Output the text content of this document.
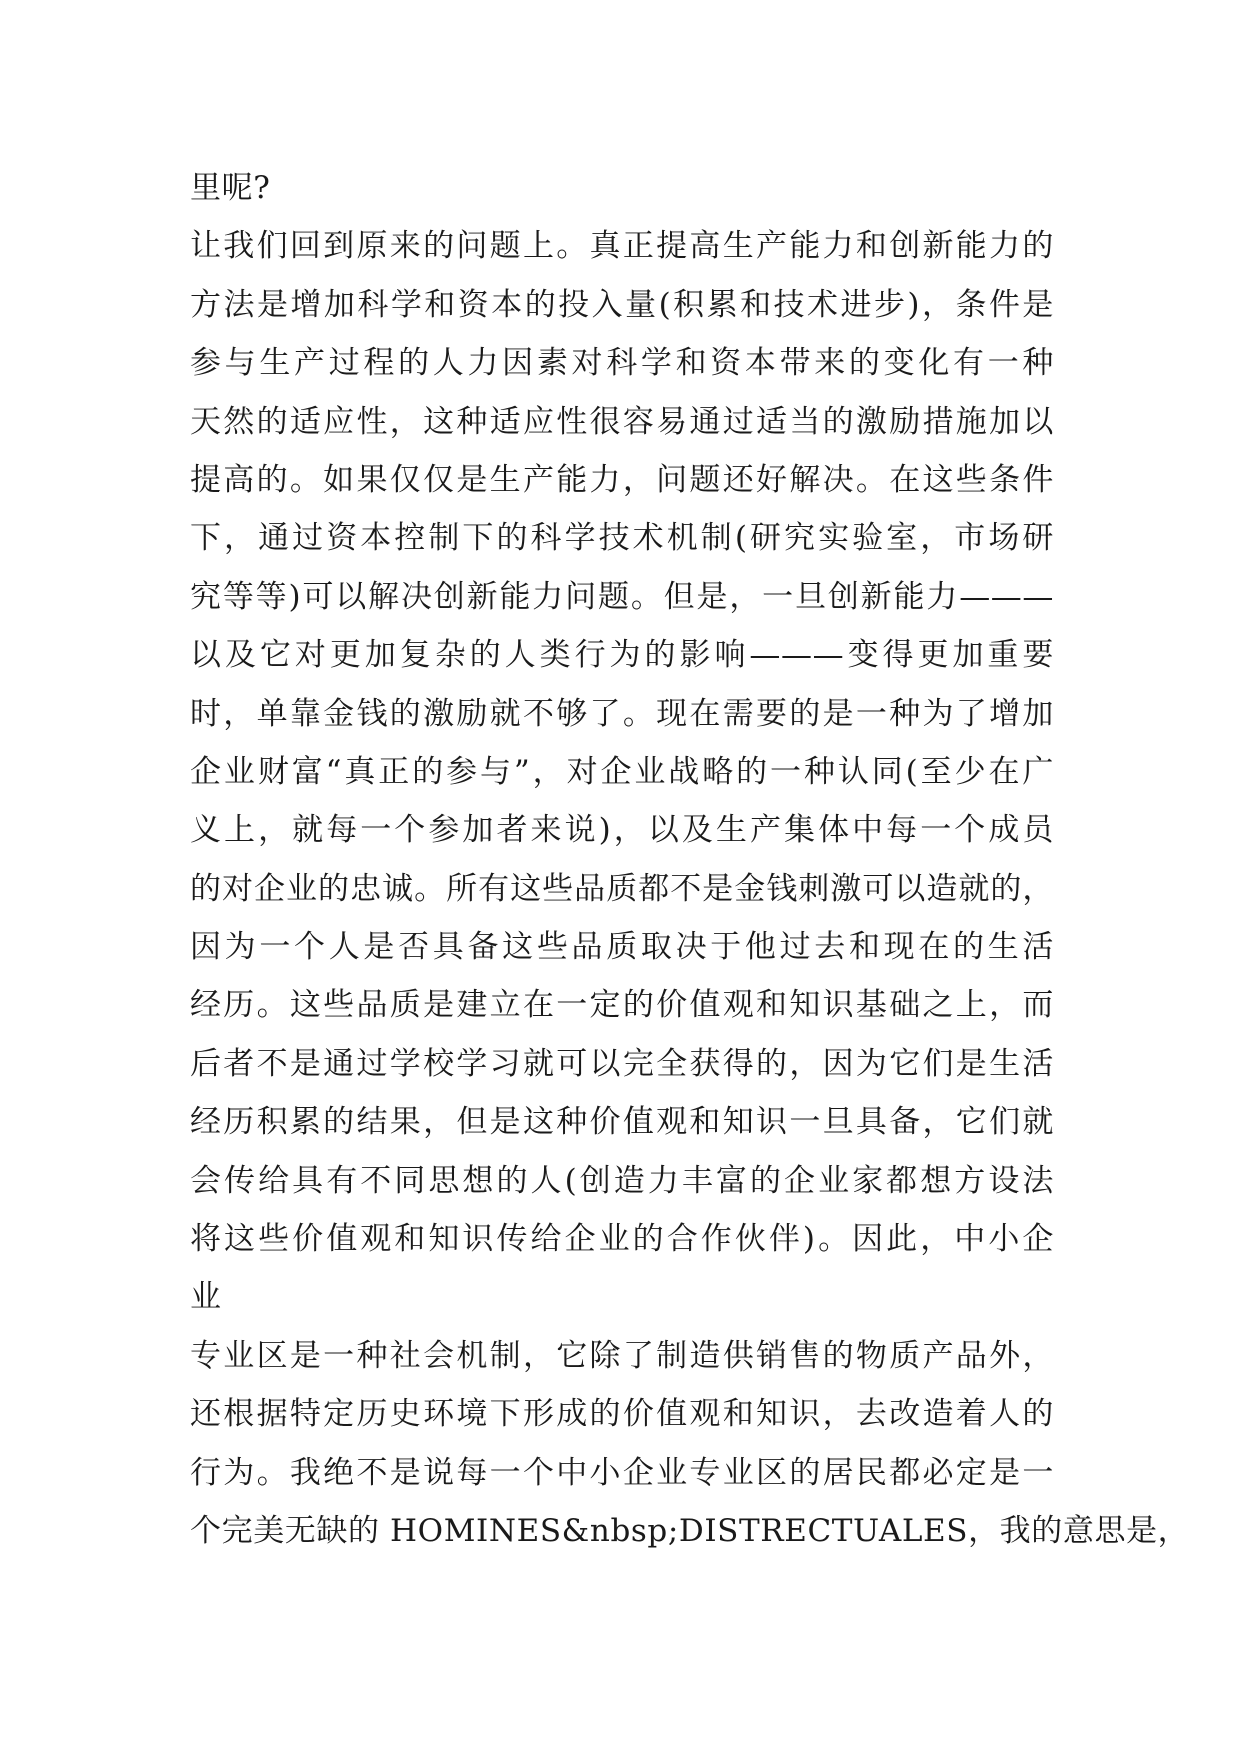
里呢?
让我们回到原来的问题上。真正提高生产能力和创新能力的
方法是增加科学和资本的投入量(积累和技术进步)，条件是
参与生产过程的人力因素对科学和资本带来的变化有一种
天然的适应性，这种适应性很容易通过适当的激励措施加以
提高的。如果仅仅是生产能力，问题还好解决。在这些条件
下，通过资本控制下的科学技术机制(研究实验室，市场研
究等等)可以解决创新能力问题。但是，一旦创新能力———
以及它对更加复杂的人类行为的影响———变得更加重要
时，单靠金钱的激励就不够了。现在需要的是一种为了增加
企业财富“真正的参与”，对企业战略的一种认同(至少在广
义上，就每一个参加者来说)，以及生产集体中每一个成员
的对企业的忠诚。所有这些品质都不是金钱刺激可以造就的，
因为一个人是否具备这些品质取决于他过去和现在的生活
经历。这些品质是建立在一定的价值观和知识基础之上，而
后者不是通过学校学习就可以完全获得的，因为它们是生活
经历积累的结果，但是这种价值观和知识一旦具备，它们就
会传给具有不同思想的人(创造力丰富的企业家都想方设法
将这些价值观和知识传给企业的合作伙伴)。因此，中小企
业
专业区是一种社会机制，它除了制造供销售的物质产品外，
还根据特定历史环境下形成的价值观和知识，去改造着人的
行为。我绝不是说每一个中小企业专业区的居民都必定是一
个完美无缺的 HOMINES&nbsp;DISTRECTUALES，我的意思是，
